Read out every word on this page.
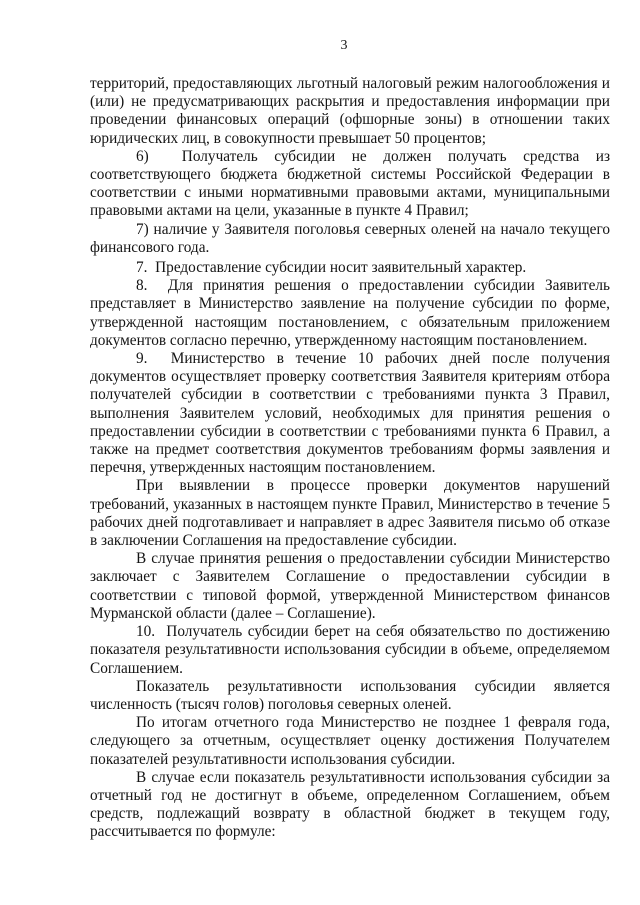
3

территорий, предоставляющих льготный налоговый режим налогообложения и (или) не предусматривающих раскрытия и предоставления информации при проведении финансовых операций (офшорные зоны) в отношении таких юридических лиц, в совокупности превышает 50 процентов;

6)  Получатель субсидии не должен получать средства из соответствующего бюджета бюджетной системы Российской Федерации в соответствии с иными нормативными правовыми актами, муниципальными правовыми актами на цели, указанные в пункте 4 Правил;

7) наличие у Заявителя поголовья северных оленей на начало текущего финансового года.

7.  Предоставление субсидии носит заявительный характер.

8.  Для принятия решения о предоставлении субсидии Заявитель представляет в Министерство заявление на получение субсидии по форме, утвержденной настоящим постановлением, с обязательным приложением документов согласно перечню, утвержденному настоящим постановлением.

9.  Министерство в течение 10 рабочих дней после получения документов осуществляет проверку соответствия Заявителя критериям отбора получателей субсидии в соответствии с требованиями пункта 3 Правил, выполнения Заявителем условий, необходимых для принятия решения о предоставлении субсидии в соответствии с требованиями пункта 6 Правил, а также на предмет соответствия документов требованиям формы заявления и перечня, утвержденных настоящим постановлением.

При выявлении в процессе проверки документов нарушений требований, указанных в настоящем пункте Правил, Министерство в течение 5 рабочих дней подготавливает и направляет в адрес Заявителя письмо об отказе в заключении Соглашения на предоставление субсидии.

В случае принятия решения о предоставлении субсидии Министерство заключает с Заявителем Соглашение о предоставлении субсидии в соответствии с типовой формой, утвержденной Министерством финансов Мурманской области (далее – Соглашение).

10.  Получатель субсидии берет на себя обязательство по достижению показателя результативности использования субсидии в объеме, определяемом Соглашением.

Показатель результативности использования субсидии является численность (тысяч голов) поголовья северных оленей.

По итогам отчетного года Министерство не позднее 1 февраля года, следующего за отчетным, осуществляет оценку достижения Получателем показателей результативности использования субсидии.

В случае если показатель результативности использования субсидии за отчетный год не достигнут в объеме, определенном Соглашением, объем средств, подлежащий возврату в областной бюджет в текущем году, рассчитывается по формуле:
